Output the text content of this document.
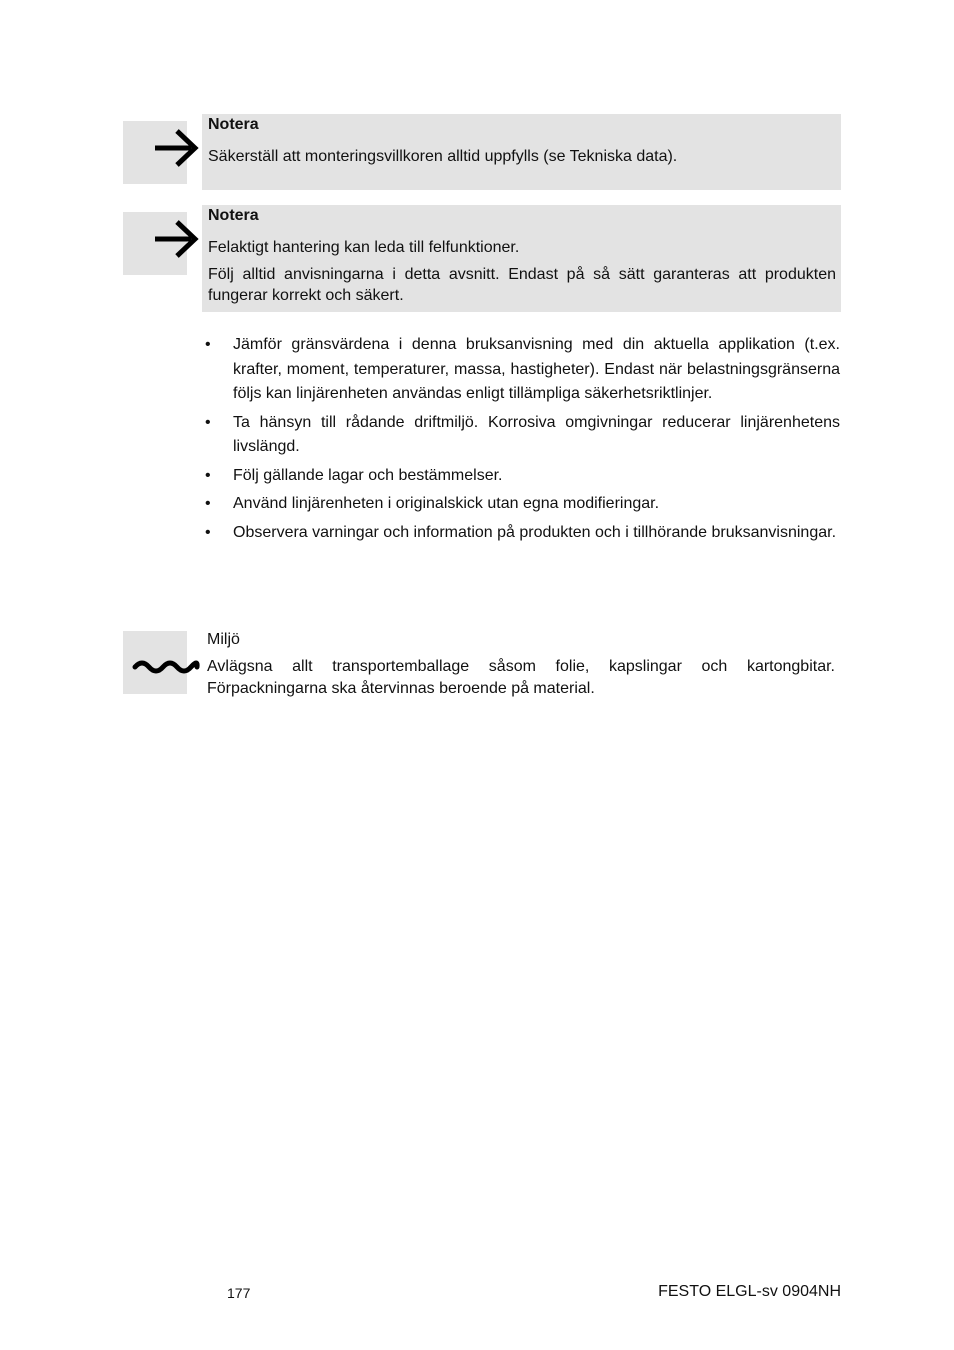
Notera

Säkerställ att monteringsvillkoren alltid uppfylls (se Tekniska data).

Notera

Felaktigt hantering kan leda till felfunktioner.

Följ alltid anvisningarna i detta avsnitt. Endast på så sätt garanteras att produkten fungerar korrekt och säkert.

• Jämför gränsvärdena i denna bruksanvisning med din aktuella applikation (t.ex. krafter, moment, temperaturer, massa, hastigheter). Endast när belastningsgränserna följs kan linjärenheten användas enligt tillämpliga säkerhetsriktlinjer.
• Ta hänsyn till rådande driftmiljö. Korrosiva omgivningar reducerar linjärenhetens livslängd.
• Följ gällande lagar och bestämmelser.
• Använd linjärenheten i originalskick utan egna modifieringar.
• Observera varningar och information på produkten och i tillhörande bruksanvisningar.

Miljö

Avlägsna allt transportemballage såsom folie, kapslingar och kartongbitar. Förpackningarna ska återvinnas beroende på material.

177	FESTO ELGL-sv 0904NH
